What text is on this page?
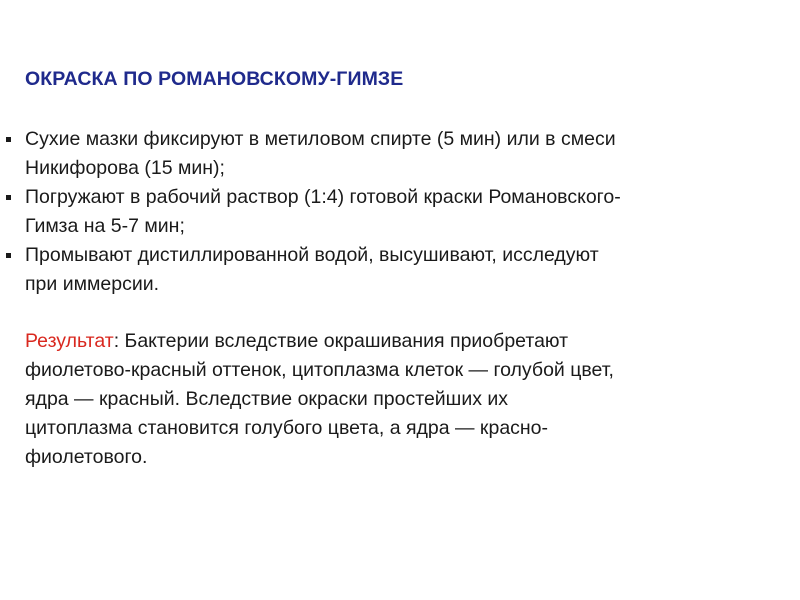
ОКРАСКА ПО РОМАНОВСКОМУ-ГИМЗЕ
Сухие мазки фиксируют в метиловом спирте (5 мин) или в смеси
Никифорова (15 мин);
Погружают в рабочий раствор (1:4) готовой краски Романовского-
Гимза на 5-7 мин;
Промывают дистиллированной водой, высушивают, исследуют
при иммерсии.

Результат: Бактерии вследствие окрашивания приобретают
фиолетово-красный оттенок, цитоплазма клеток — голубой цвет,
ядра — красный. Вследствие окраски простейших их
цитоплазма становится голубого цвета, а ядра — красно-
фиолетового.
